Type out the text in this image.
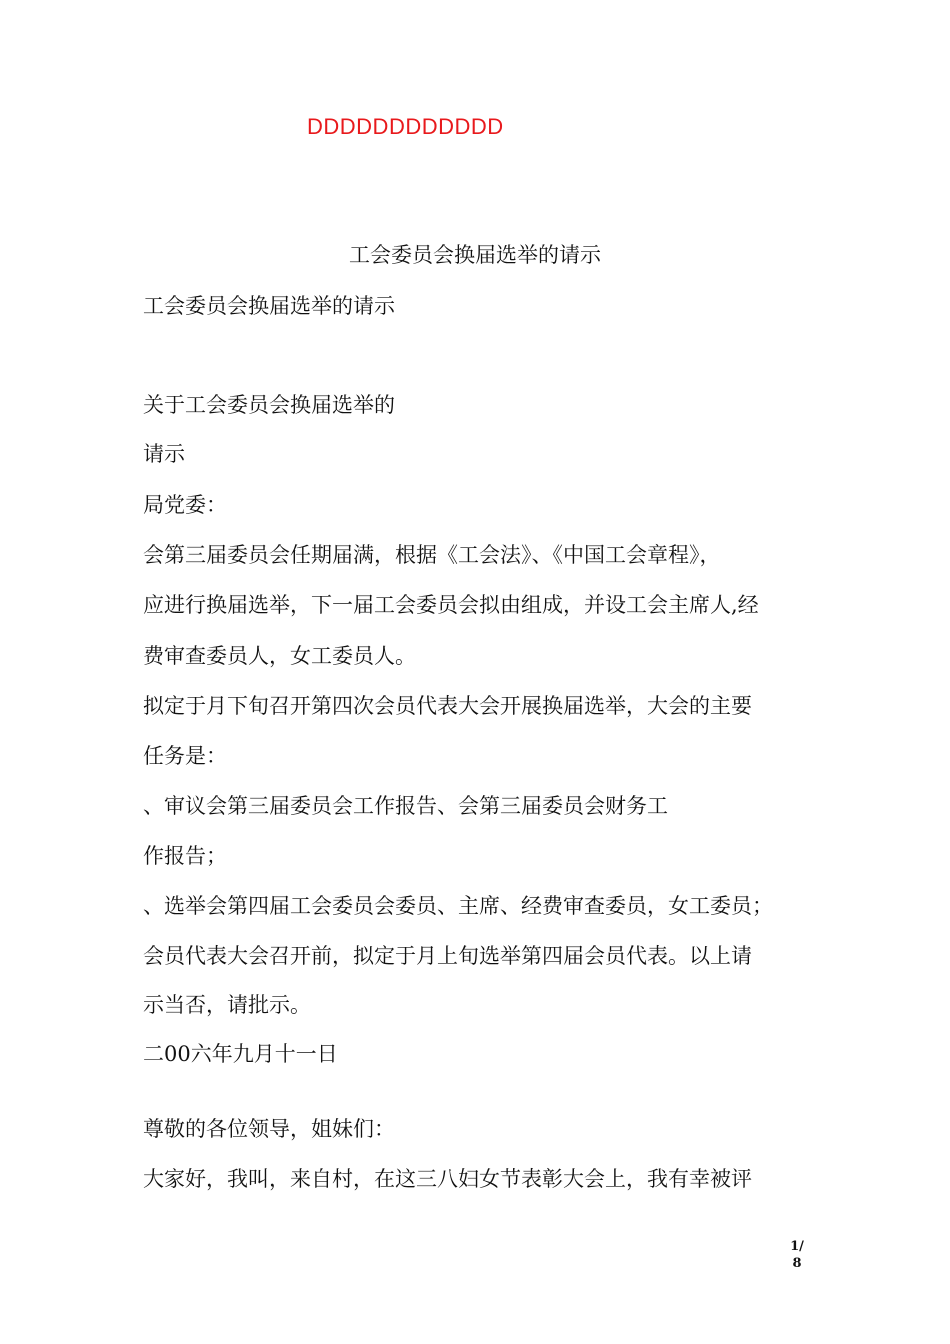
DDDDDDDDDDDD
工会委员会换届选举的请示
工会委员会换届选举的请示
关于工会委员会换届选举的
请示
局党委：
会第三届委员会任期届满，根据《工会法》、《中国工会章程》，
应进行换届选举，下一届工会委员会拟由组成，并设工会主席人,经
费审查委员人，女工委员人。
拟定于月下旬召开第四次会员代表大会开展换届选举，大会的主要
任务是：
、审议会第三届委员会工作报告、会第三届委员会财务工
作报告；
、选举会第四届工会委员会委员、主席、经费审查委员，女工委员；
会员代表大会召开前，拟定于月上旬选举第四届会员代表。以上请
示当否，请批示。
二00六年九月十一日
尊敬的各位领导，姐妹们：
大家好，我叫，来自村，在这三八妇女节表彰大会上，我有幸被评
1/
8
